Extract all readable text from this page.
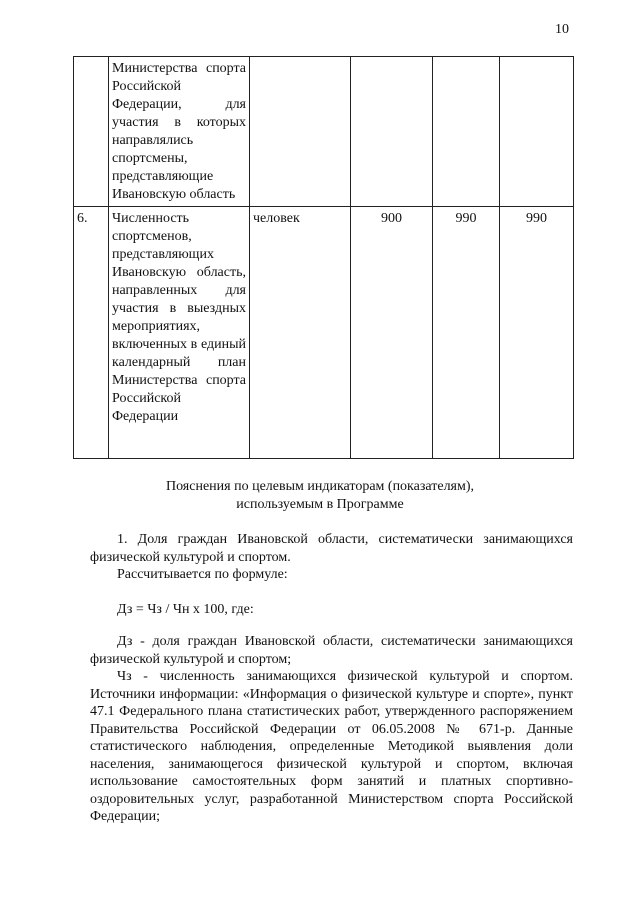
10
	Министерства спорта Российской Федерации, для участия в которых направлялись спортсмены, представляющие Ивановскую область				
6.	Численность спортсменов, представляющих Ивановскую область, направленных для участия в выездных мероприятиях, включенных в единый календарный план Министерства спорта Российской Федерации	человек	900	990	990
Пояснения по целевым индикаторам (показателям),
используемым в Программе

1. Доля граждан Ивановской области, систематически занимающихся физической культурой и спортом.

Рассчитывается по формуле:

Дз = Чз / Чн х 100, где:

Дз - доля граждан Ивановской области, систематически занимающихся физической культурой и спортом;

Чз - численность занимающихся физической культурой и спортом. Источники информации: «Информация о физической культуре и спорте», пункт 47.1 Федерального плана статистических работ, утвержденного распоряжением Правительства Российской Федерации от 06.05.2008 № 671-р. Данные статистического наблюдения, определенные Методикой выявления доли населения, занимающегося физической культурой и спортом, включая использование самостоятельных форм занятий и платных спортивно-оздоровительных услуг, разработанной Министерством спорта Российской Федерации;
